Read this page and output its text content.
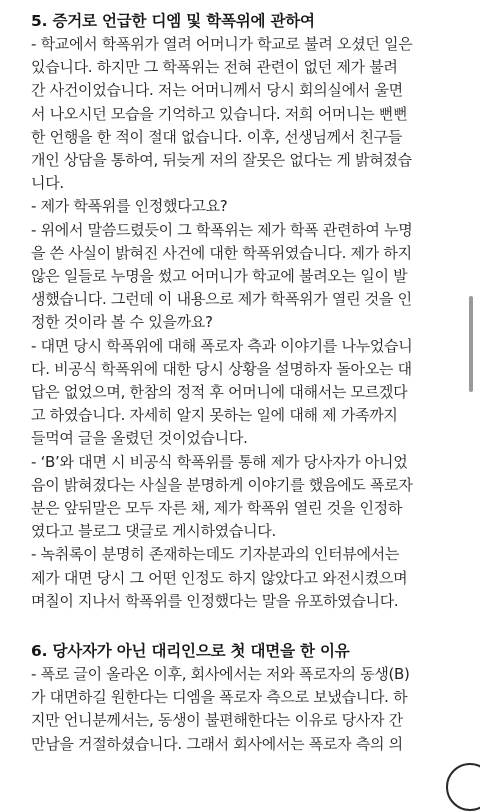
5. 증거로 언급한 디엠 및 학폭위에 관하여
- 학교에서 학폭위가 열려 어머니가 학교로 불려 오셨던 일은
있습니다. 하지만 그 학폭위는 전혀 관련이 없던 제가 불려
간 사건이었습니다. 저는 어머니께서 당시 회의실에서 울면
서 나오시던 모습을 기억하고 있습니다. 저희 어머니는 뻔뻔
한 언행을 한 적이 절대 없습니다. 이후, 선생님께서 친구들
개인 상담을 통하여, 뒤늦게 저의 잘못은 없다는 게 밝혀졌습
니다.
- 제가 학폭위를 인정했다고요?
- 위에서 말씀드렸듯이 그 학폭위는 제가 학폭 관련하여 누명
을 쓴 사실이 밝혀진 사건에 대한 학폭위였습니다. 제가 하지
않은 일들로 누명을 썼고 어머니가 학교에 불려오는 일이 발
생했습니다. 그런데 이 내용으로 제가 학폭위가 열린 것을 인
정한 것이라 볼 수 있을까요?
- 대면 당시 학폭위에 대해 폭로자 측과 이야기를 나누었습니
다. 비공식 학폭위에 대한 당시 상황을 설명하자 돌아오는 대
답은 없었으며, 한참의 정적 후 어머니에 대해서는 모르겠다
고 하였습니다. 자세히 알지 못하는 일에 대해 제 가족까지
들먹여 글을 올렸던 것이었습니다.
- ‘B’와 대면 시 비공식 학폭위를 통해 제가 당사자가 아니었
음이 밝혀졌다는 사실을 분명하게 이야기를 했음에도 폭로자
분은 앞뒤말은 모두 자른 채, 제가 학폭위 열린 것을 인정하
였다고 블로그 댓글로 게시하였습니다.
- 녹취록이 분명히 존재하는데도 기자분과의 인터뷰에서는
제가 대면 당시 그 어떤 인정도 하지 않았다고 와전시켰으며
며칠이 지나서 학폭위를 인정했다는 말을 유포하였습니다.
6. 당사자가 아닌 대리인으로 첫 대면을 한 이유
- 폭로 글이 올라온 이후, 회사에서는 저와 폭로자의 동생(B)
가 대면하길 원한다는 디엠을 폭로자 측으로 보냈습니다. 하
지만 언니분께서는, 동생이 불편해한다는 이유로 당사자 간
만남을 거절하셨습니다. 그래서 회사에서는 폭로자 측의 의
